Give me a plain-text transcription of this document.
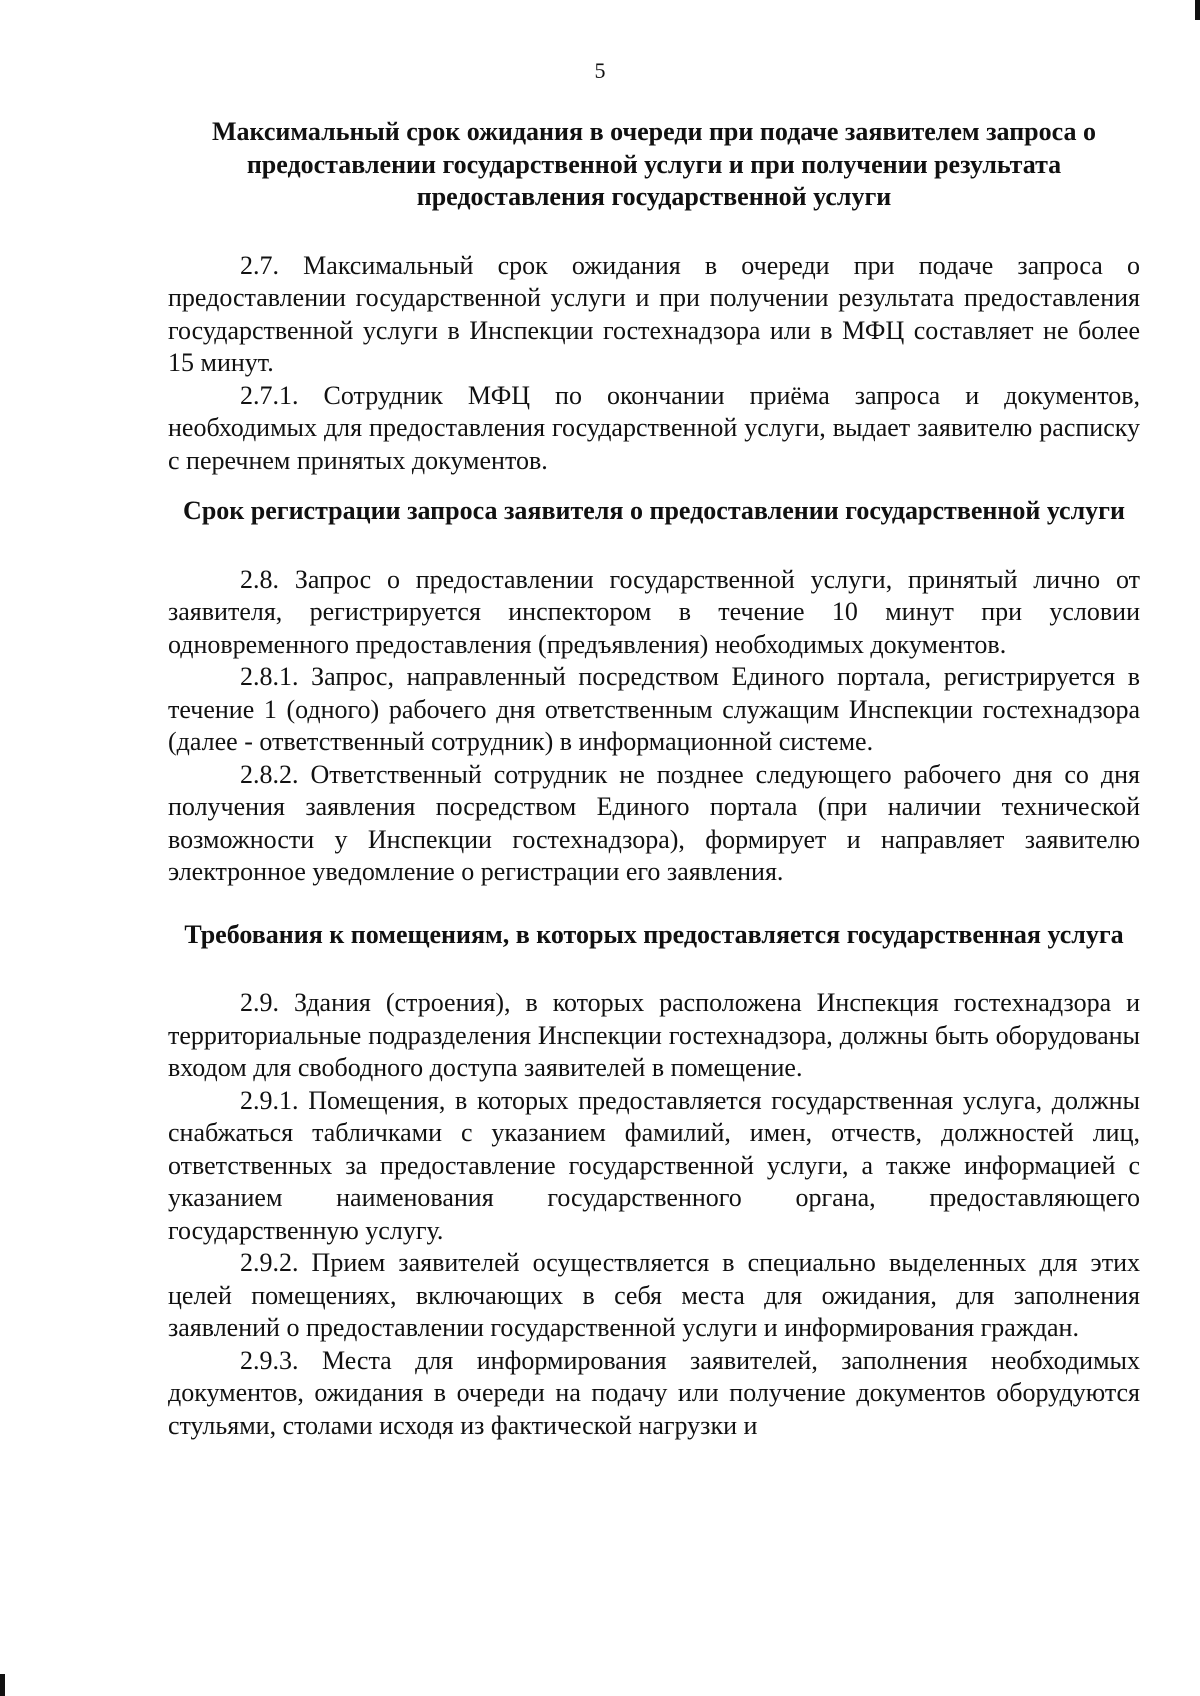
5
Максимальный срок ожидания в очереди при подаче заявителем запроса о предоставлении государственной услуги и при получении результата предоставления государственной услуги

2.7. Максимальный срок ожидания в очереди при подаче запроса о предоставлении государственной услуги и при получении результата предоставления государственной услуги в Инспекции гостехнадзора или в МФЦ составляет не более 15 минут.

2.7.1. Сотрудник МФЦ по окончании приёма запроса и документов, необходимых для предоставления государственной услуги, выдает заявителю расписку с перечнем принятых документов.

Срок регистрации запроса заявителя о предоставлении государственной услуги

2.8. Запрос о предоставлении государственной услуги, принятый лично от заявителя, регистрируется инспектором в течение 10 минут при условии одновременного предоставления (предъявления) необходимых документов.

2.8.1. Запрос, направленный посредством Единого портала, регистрируется в течение 1 (одного) рабочего дня ответственным служащим Инспекции гостехнадзора (далее - ответственный сотрудник) в информационной системе.

2.8.2. Ответственный сотрудник не позднее следующего рабочего дня со дня получения заявления посредством Единого портала (при наличии технической возможности у Инспекции гостехнадзора), формирует и направляет заявителю электронное уведомление о регистрации его заявления.

Требования к помещениям, в которых предоставляется государственная услуга

2.9. Здания (строения), в которых расположена Инспекция гостехнадзора и территориальные подразделения Инспекции гостехнадзора, должны быть оборудованы входом для свободного доступа заявителей в помещение.

2.9.1. Помещения, в которых предоставляется государственная услуга, должны снабжаться табличками с указанием фамилий, имен, отчеств, должностей лиц, ответственных за предоставление государственной услуги, а также информацией с указанием наименования государственного органа, предоставляющего государственную услугу.

2.9.2. Прием заявителей осуществляется в специально выделенных для этих целей помещениях, включающих в себя места для ожидания, для заполнения заявлений о предоставлении государственной услуги и информирования граждан.

2.9.3. Места для информирования заявителей, заполнения необходимых документов, ожидания в очереди на подачу или получение документов оборудуются стульями, столами исходя из фактической нагрузки и
